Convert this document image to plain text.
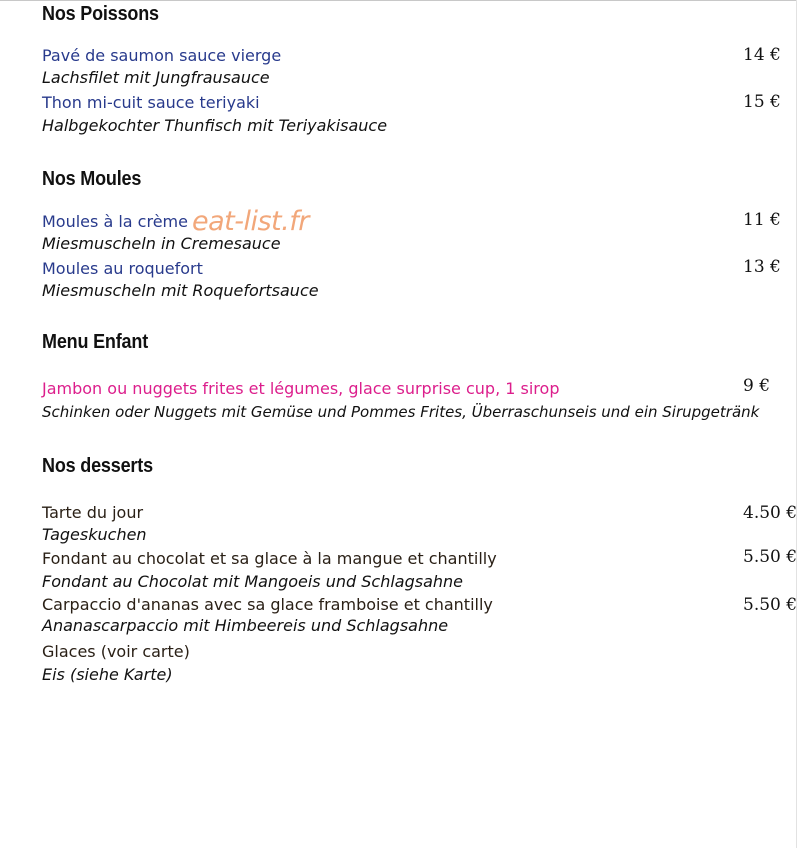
Nos Poissons
Pavé de saumon sauce vierge	14 €
Lachsfilet mit Jungfrausauce
Thon mi-cuit sauce teriyaki	15 €
Halbgekochter Thunfisch mit Teriyakisauce
Nos Moules
Moules à la crème	11 €
Miesmuscheln in Cremesauce
eat-list.fr
Moules au roquefort	13 €
Miesmuscheln mit Roquefortsauce
Menu Enfant
Jambon ou nuggets frites et légumes, glace surprise cup, 1 sirop	9 €
Schinken oder Nuggets mit Gemüse und Pommes Frites, Überraschunseis und ein Sirupgetränk
Nos desserts
Tarte du jour	4.50 €
Tageskuchen
Fondant au chocolat et sa glace à la mangue et chantilly	5.50 €
Fondant au Chocolat mit Mangoeis und Schlagsahne
Carpaccio d'ananas avec sa glace framboise et chantilly	5.50 €
Ananascarpaccio mit Himbeereis und Schlagsahne
Glaces (voir carte)
Eis (siehe Karte)
